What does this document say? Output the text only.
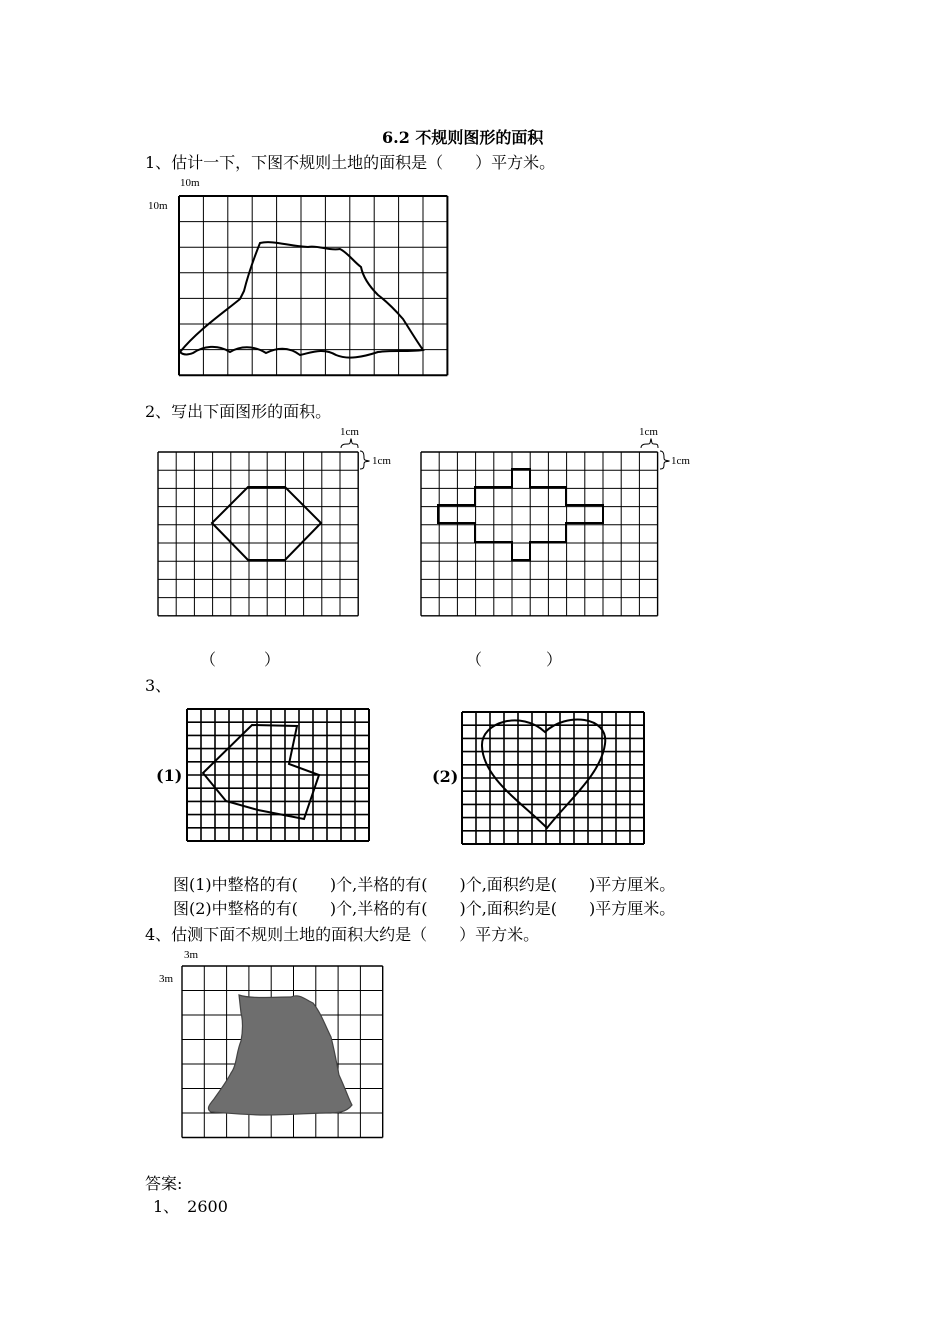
6.2 不规则图形的面积
1、估计一下，下图不规则土地的面积是（　　）平方米。
10m
10m
2、写出下面图形的面积。
1cm
1cm
1cm
1cm
（　　　）	（　　　　）
3、
(1)	(2)
图(1)中整格的有(　　)个,半格的有(　　)个,面积约是(　　)平方厘米。
图(2)中整格的有(　　)个,半格的有(　　)个,面积约是(　　)平方厘米。
4、估测下面不规则土地的面积大约是（　　）平方米。
3m
3m
答案:
1、　2600
